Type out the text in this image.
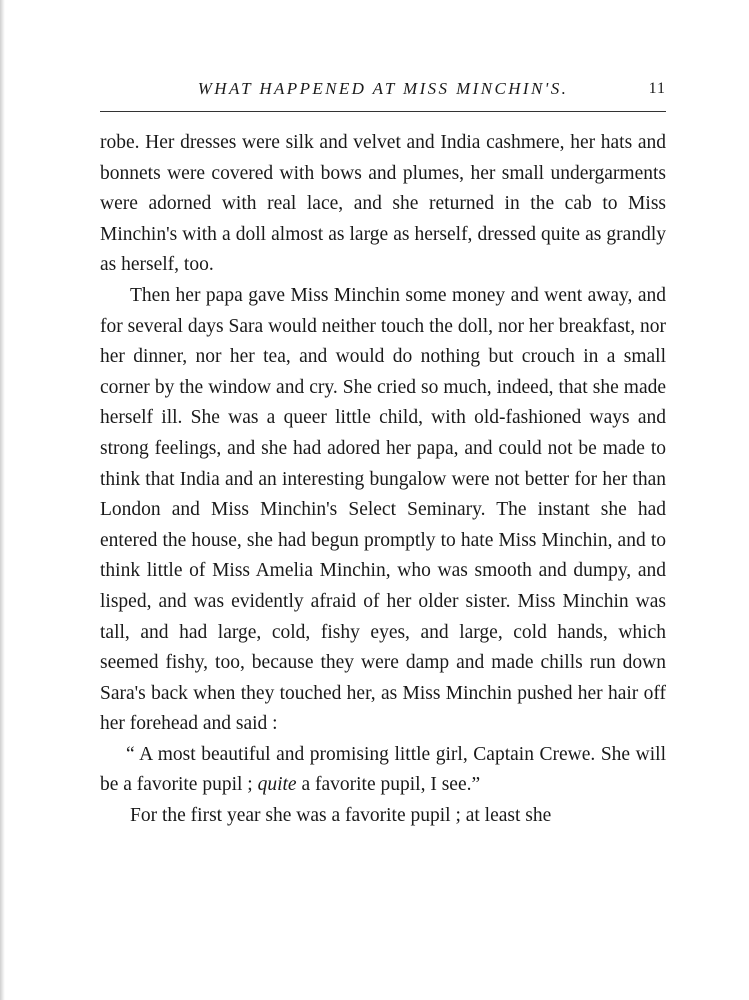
WHAT HAPPENED AT MISS MINCHIN'S.	11

robe. Her dresses were silk and velvet and India cashmere, her hats and bonnets were covered with bows and plumes, her small undergarments were adorned with real lace, and she returned in the cab to Miss Minchin's with a doll almost as large as herself, dressed quite as grandly as herself, too.

Then her papa gave Miss Minchin some money and went away, and for several days Sara would neither touch the doll, nor her breakfast, nor her dinner, nor her tea, and would do nothing but crouch in a small corner by the window and cry. She cried so much, indeed, that she made herself ill. She was a queer little child, with old-fashioned ways and strong feelings, and she had adored her papa, and could not be made to think that India and an interesting bungalow were not better for her than London and Miss Minchin's Select Seminary. The instant she had entered the house, she had begun promptly to hate Miss Minchin, and to think little of Miss Amelia Minchin, who was smooth and dumpy, and lisped, and was evidently afraid of her older sister. Miss Minchin was tall, and had large, cold, fishy eyes, and large, cold hands, which seemed fishy, too, because they were damp and made chills run down Sara's back when they touched her, as Miss Minchin pushed her hair off her forehead and said :

“ A most beautiful and promising little girl, Captain Crewe. She will be a favorite pupil ; quite a favorite pupil, I see.”

For the first year she was a favorite pupil ; at least she
